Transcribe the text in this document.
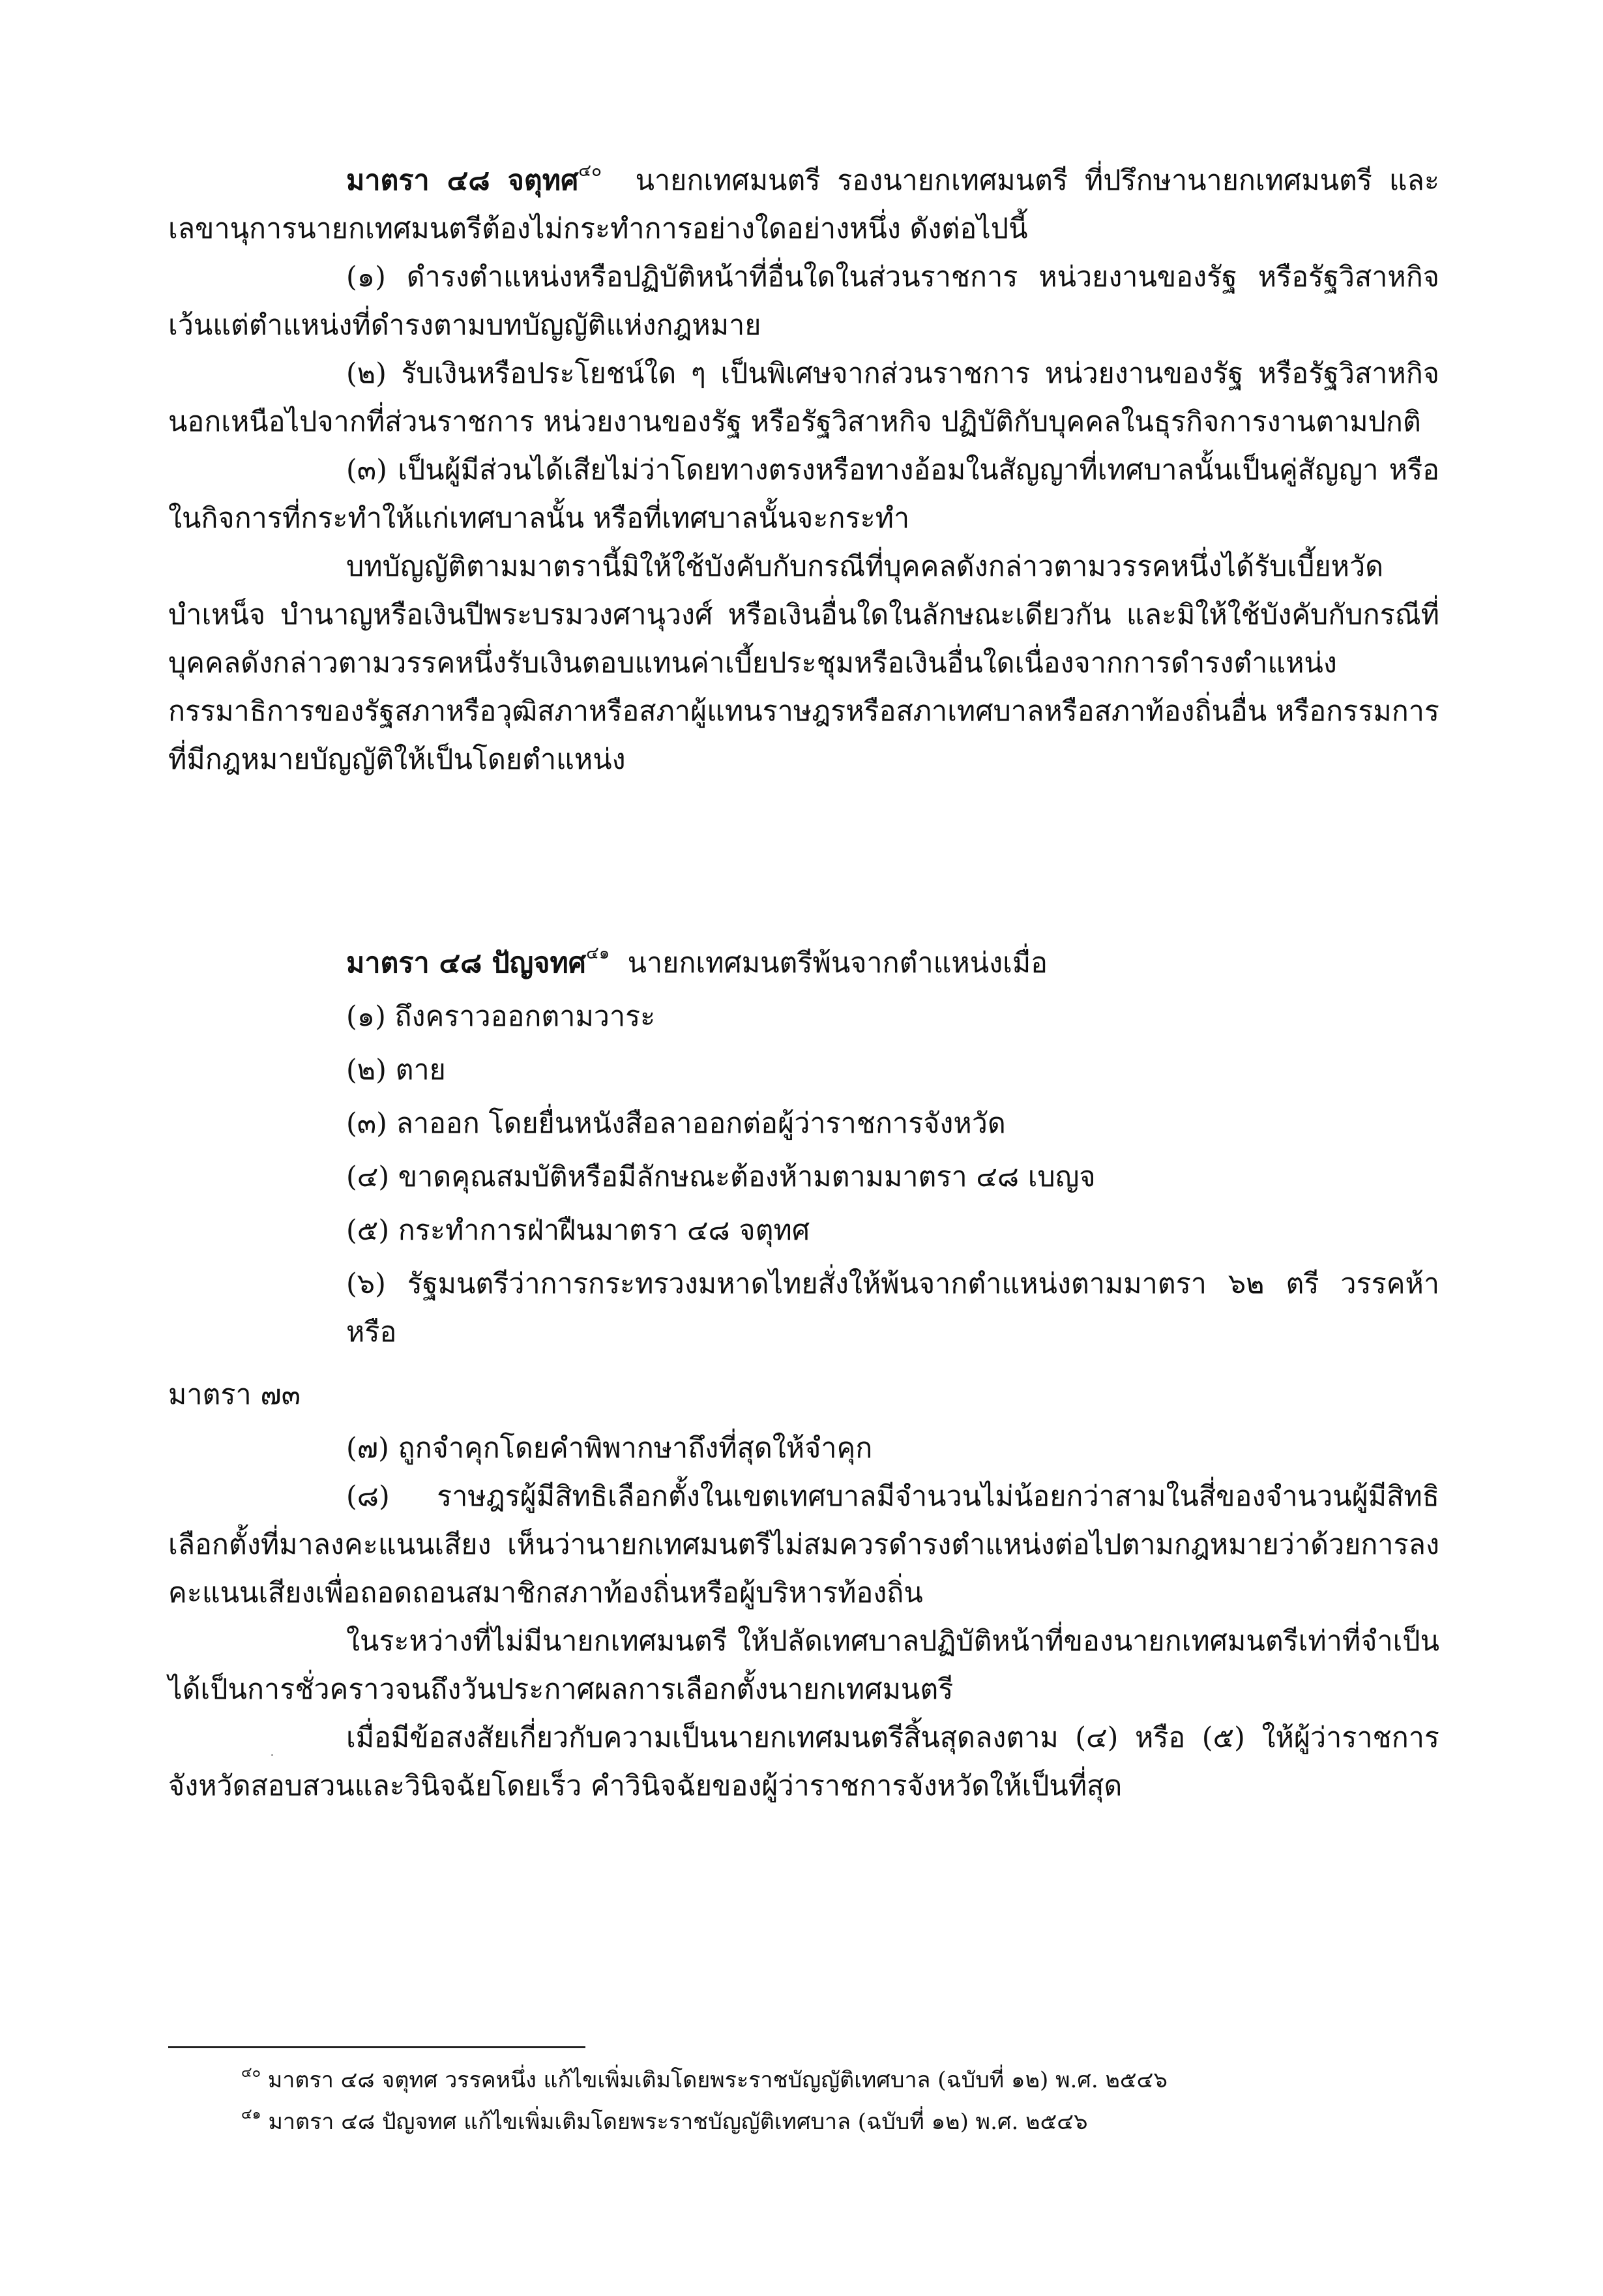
มาตรา ๔๘ จตุทศ$^{๔๐}$ นายกเทศมนตรี รองนายกเทศมนตรี ที่ปรึกษานายกเทศมนตรี และเลขานุการนายกเทศมนตรีต้องไม่กระทำการอย่างใดอย่างหนึ่ง ดังต่อไปนี้

(๑) ดำรงตำแหน่งหรือปฏิบัติหน้าที่อื่นใดในส่วนราชการ หน่วยงานของรัฐ หรือรัฐวิสาหกิจ เว้นแต่ตำแหน่งที่ดำรงตามบทบัญญัติแห่งกฎหมาย

(๒) รับเงินหรือประโยชน์ใด ๆ เป็นพิเศษจากส่วนราชการ หน่วยงานของรัฐ หรือรัฐวิสาหกิจ นอกเหนือไปจากที่ส่วนราชการ หน่วยงานของรัฐ หรือรัฐวิสาหกิจ ปฏิบัติกับบุคคลในธุรกิจการงานตามปกติ

(๓) เป็นผู้มีส่วนได้เสียไม่ว่าโดยทางตรงหรือทางอ้อมในสัญญาที่เทศบาลนั้นเป็นคู่สัญญา หรือในกิจการที่กระทำให้แก่เทศบาลนั้น หรือที่เทศบาลนั้นจะกระทำ

บทบัญญัติตามมาตรานี้มิให้ใช้บังคับกับกรณีที่บุคคลดังกล่าวตามวรรคหนึ่งได้รับเบี้ยหวัด บำเหน็จ บำนาญหรือเงินปีพระบรมวงศานุวงศ์ หรือเงินอื่นใดในลักษณะเดียวกัน และมิให้ใช้บังคับกับกรณีที่บุคคลดังกล่าวตามวรรคหนึ่งรับเงินตอบแทนค่าเบี้ยประชุมหรือเงินอื่นใดเนื่องจากการดำรงตำแหน่งกรรมาธิการของรัฐสภาหรือวุฒิสภาหรือสภาผู้แทนราษฎรหรือสภาเทศบาลหรือสภาท้องถิ่นอื่น หรือกรรมการที่มีกฎหมายบัญญัติให้เป็นโดยตำแหน่ง

มาตรา ๔๘ ปัญจทศ$^{๔๑}$ นายกเทศมนตรีพ้นจากตำแหน่งเมื่อ

(๑) ถึงคราวออกตามวาระ

(๒) ตาย

(๓) ลาออก โดยยื่นหนังสือลาออกต่อผู้ว่าราชการจังหวัด

(๔) ขาดคุณสมบัติหรือมีลักษณะต้องห้ามตามมาตรา ๔๘ เบญจ

(๕) กระทำการฝ่าฝืนมาตรา ๔๘ จตุทศ

(๖) รัฐมนตรีว่าการกระทรวงมหาดไทยสั่งให้พ้นจากตำแหน่งตามมาตรา ๖๒ ตรี วรรคห้าหรือ

มาตรา ๗๓

(๗) ถูกจำคุกโดยคำพิพากษาถึงที่สุดให้จำคุก

(๘) ราษฎรผู้มีสิทธิเลือกตั้งในเขตเทศบาลมีจำนวนไม่น้อยกว่าสามในสี่ของจำนวนผู้มีสิทธิเลือกตั้งที่มาลงคะแนนเสียง เห็นว่านายกเทศมนตรีไม่สมควรดำรงตำแหน่งต่อไปตามกฎหมายว่าด้วยการลงคะแนนเสียงเพื่อถอดถอนสมาชิกสภาท้องถิ่นหรือผู้บริหารท้องถิ่น

ในระหว่างที่ไม่มีนายกเทศมนตรี ให้ปลัดเทศบาลปฏิบัติหน้าที่ของนายกเทศมนตรีเท่าที่จำเป็นได้เป็นการชั่วคราวจนถึงวันประกาศผลการเลือกตั้งนายกเทศมนตรี

เมื่อมีข้อสงสัยเกี่ยวกับความเป็นนายกเทศมนตรีสิ้นสุดลงตาม (๔) หรือ (๕) ให้ผู้ว่าราชการจังหวัดสอบสวนและวินิจฉัยโดยเร็ว คำวินิจฉัยของผู้ว่าราชการจังหวัดให้เป็นที่สุด

$^{๔๐}$ มาตรา ๔๘ จตุทศ วรรคหนึ่ง แก้ไขเพิ่มเติมโดยพระราชบัญญัติเทศบาล (ฉบับที่ ๑๒) พ.ศ. ๒๕๔๖

$^{๔๑}$ มาตรา ๔๘ ปัญจทศ แก้ไขเพิ่มเติมโดยพระราชบัญญัติเทศบาล (ฉบับที่ ๑๒) พ.ศ. ๒๕๔๖
